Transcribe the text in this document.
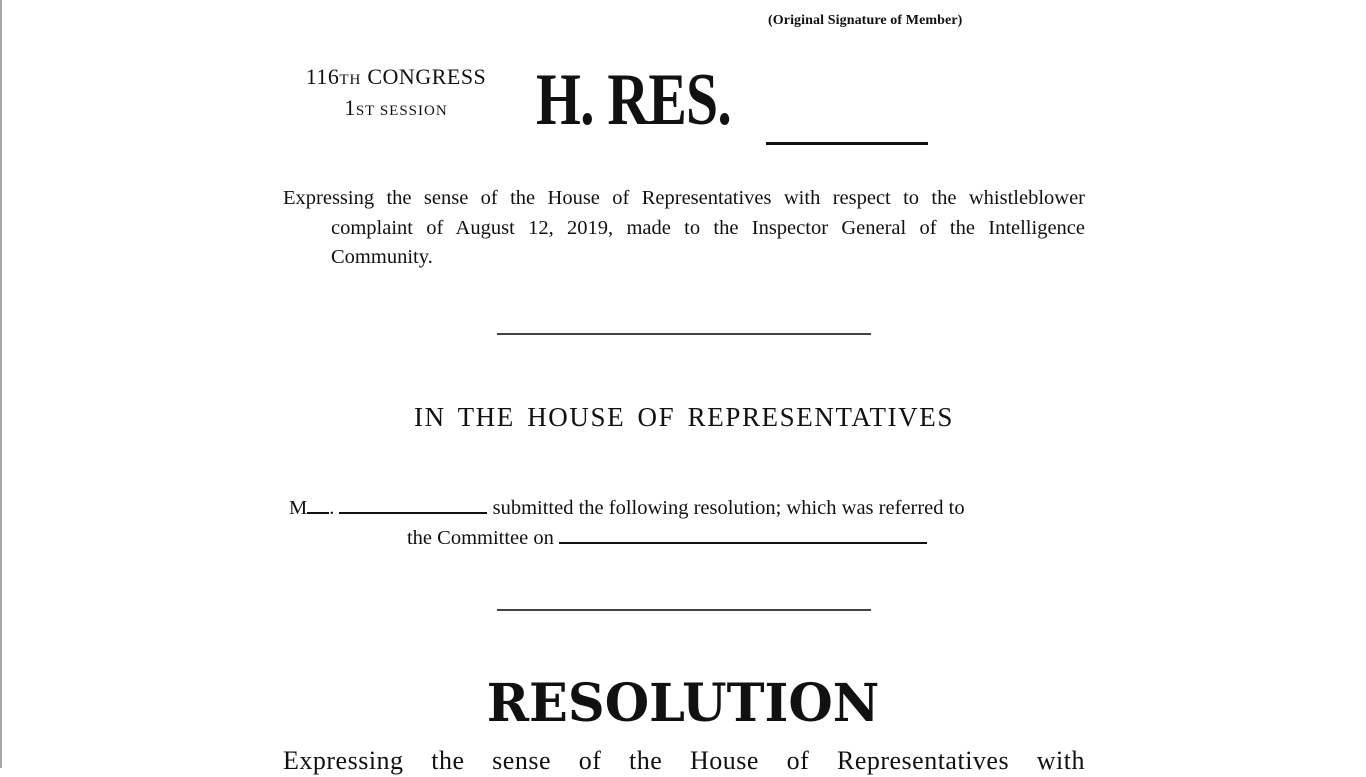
(Original Signature of Member)
116TH CONGRESS
1ST SESSION	H. RES.
Expressing the sense of the House of Representatives with respect to the whistleblower complaint of August 12, 2019, made to the Inspector General of the Intelligence Community.
IN THE HOUSE OF REPRESENTATIVES
M .	submitted the following resolution; which was referred to
the Committee on
RESOLUTION
Expressing the sense of the House of Representatives with
